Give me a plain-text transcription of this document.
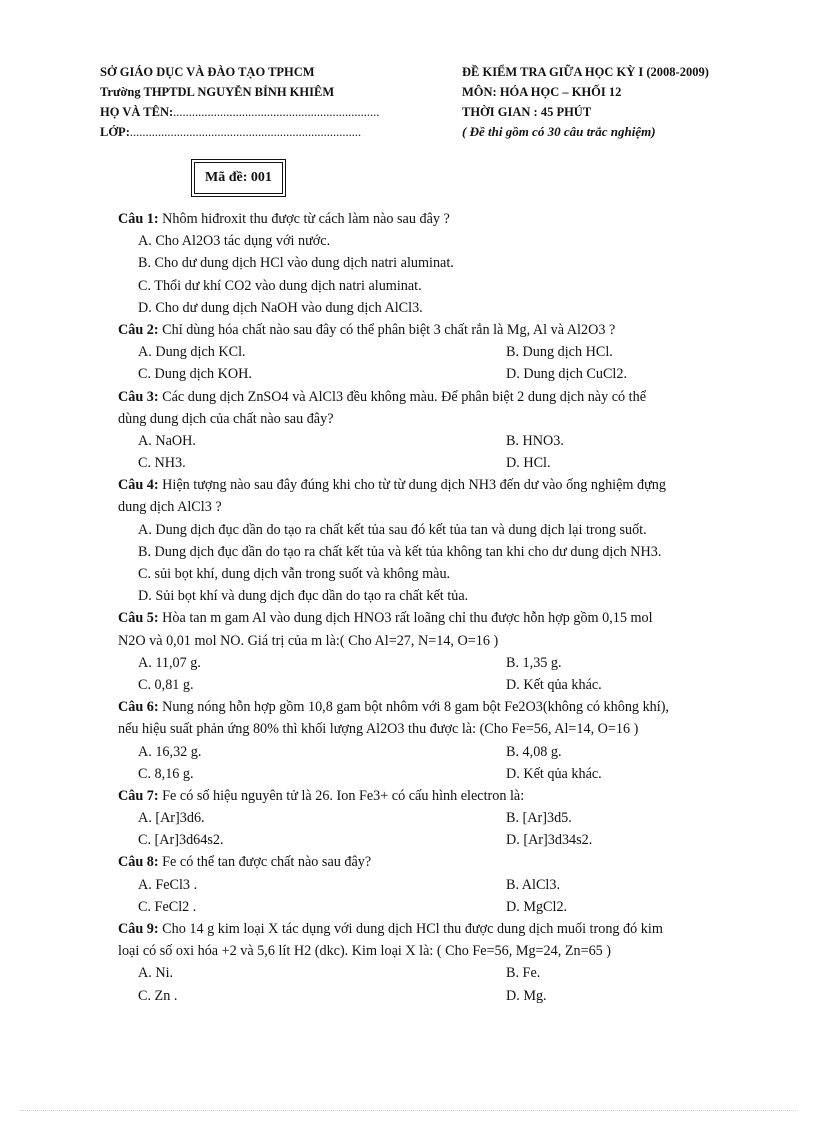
SỞ GIÁO DỤC VÀ ĐÀO TẠO TPHCM	ĐỀ KIỂM TRA GIỮA HỌC KỲ I (2008-2009)
Trường THPTDL NGUYỄN BỈNH KHIÊM	MÔN: HÓA HỌC – KHỐI 12
HỌ VÀ TÊN:..................................................................	THỜI GIAN : 45 PHÚT
LỚP:..........................................................................	( Đề thi gồm có 30 câu trắc nghiệm)
Mã đề: 001
Câu 1: Nhôm hiđroxit thu được từ cách làm nào sau đây ?
A. Cho Al2O3 tác dụng với nước.
B. Cho dư dung dịch HCl vào dung dịch natri aluminat.
C. Thổi dư khí CO2 vào dung dịch natri aluminat.
D. Cho dư dung dịch NaOH vào dung dịch AlCl3.
Câu 2: Chỉ dùng hóa chất nào sau đây có thể phân biệt 3 chất rắn là Mg, Al và Al2O3 ?
A. Dung dịch KCl.	B. Dung dịch HCl.
C. Dung dịch KOH.	D. Dung dịch CuCl2.
Câu 3: Các dung dịch ZnSO4 và AlCl3 đều không màu. Để phân biệt 2 dung dịch này có thể
dùng dung dịch của chất nào sau đây?
A. NaOH.	B. HNO3.
C. NH3.	D. HCl.
Câu 4: Hiện tượng nào sau đây đúng khi cho từ từ dung dịch NH3 đến dư vào ống nghiệm đựng
dung dịch AlCl3 ?
A. Dung dịch đục dần do tạo ra chất kết tủa sau đó kết tủa tan và dung dịch lại trong suốt.
B. Dung dịch đục dần do tạo ra chất kết tủa và kết tủa không tan khi cho dư dung dịch NH3.
C. sủi bọt khí, dung dịch vẫn trong suốt và không màu.
D. Sủi bọt khí và dung dịch đục dần do tạo ra chất kết tủa.
Câu 5: Hòa tan m gam Al vào dung dịch HNO3 rất loãng chỉ thu được hỗn hợp gồm 0,15 mol
N2O và 0,01 mol NO. Giá trị của m là:( Cho Al=27, N=14, O=16 )
A. 11,07 g.	B. 1,35 g.
C. 0,81 g.	D. Kết qủa khác.
Câu 6: Nung nóng hỗn hợp gồm 10,8 gam bột nhôm với 8 gam bột Fe2O3(không có không khí),
nếu hiệu suất phản ứng 80% thì khối lượng Al2O3 thu được là: (Cho Fe=56, Al=14, O=16 )
A. 16,32 g.	B. 4,08 g.
C. 8,16 g.	D. Kết qủa khác.
Câu 7: Fe có số hiệu nguyên tử là 26. Ion Fe3+ có cấu hình electron là:
A. [Ar]3d6.	B. [Ar]3d5.
C. [Ar]3d64s2.	D. [Ar]3d34s2.
Câu 8: Fe có thể tan được chất nào sau đây?
A. FeCl3 .	B. AlCl3.
C. FeCl2 .	D. MgCl2.
Câu 9: Cho 14 g kim loại X tác dụng với dung dịch HCl thu được dung dịch muối trong đó kim
loại có số oxi hóa +2 và 5,6 lít H2 (dkc). Kim loại X là: ( Cho Fe=56, Mg=24, Zn=65 )
A. Ni.	B. Fe.
C. Zn .	D. Mg.
